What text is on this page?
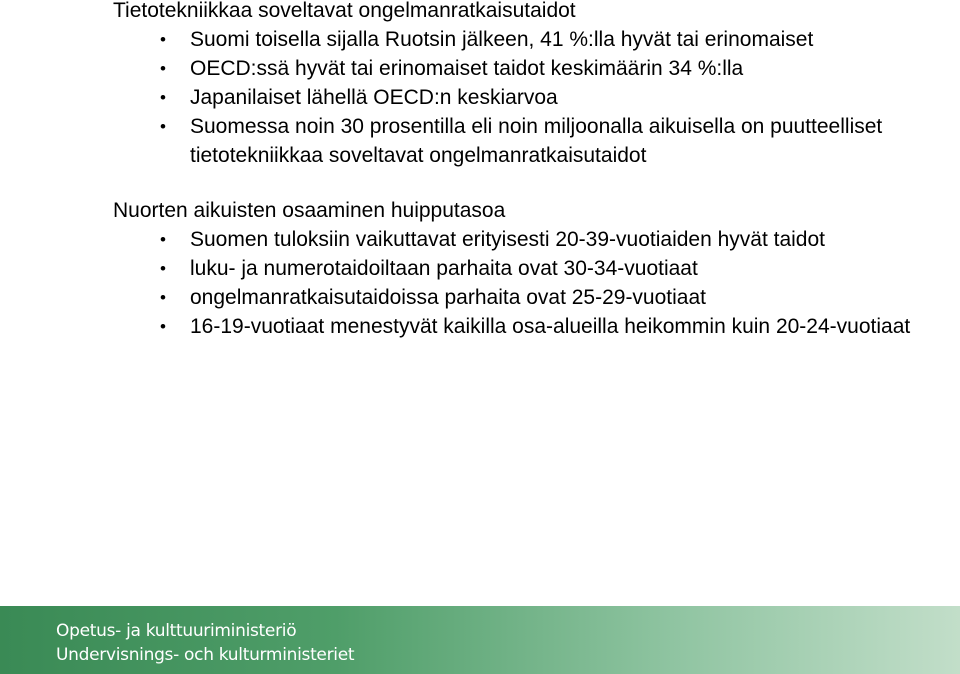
Tietotekniikkaa soveltavat ongelmanratkaisutaidot

• Suomi toisella sijalla Ruotsin jälkeen, 41 %:lla hyvät tai erinomaiset
• OECD:ssä hyvät tai erinomaiset taidot keskimäärin 34 %:lla
• Japanilaiset lähellä OECD:n keskiarvoa
• Suomessa noin 30 prosentilla eli noin miljoonalla aikuisella on puutteelliset tietotekniikkaa soveltavat ongelmanratkaisutaidot

Nuorten aikuisten osaaminen huipputasoa

• Suomen tuloksiin vaikuttavat erityisesti 20-39-vuotiaiden hyvät taidot
• luku- ja numerotaidoiltaan parhaita ovat 30-34-vuotiaat
• ongelmanratkaisutaidoissa parhaita ovat 25-29-vuotiaat
• 16-19-vuotiaat menestyvät kaikilla osa-alueilla heikommin kuin 20-24-vuotiaat
Opetus- ja kulttuuriministeriö
Undervisnings- och kulturministeriet
